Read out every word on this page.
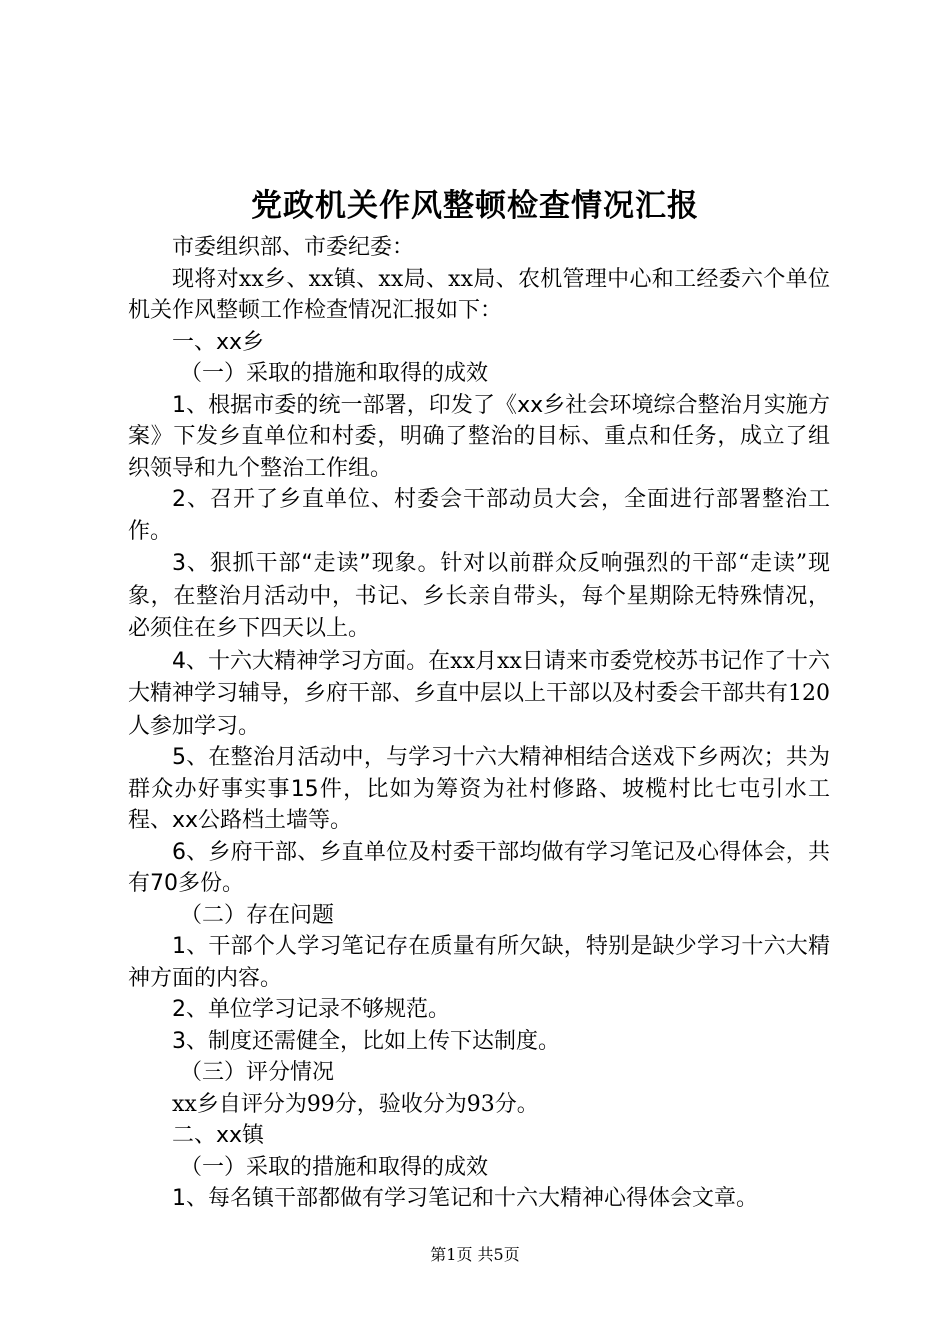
党政机关作风整顿检查情况汇报

市委组织部、市委纪委：

现将对xx乡、xx镇、xx局、xx局、农机管理中心和工经委六个单位机关作风整顿工作检查情况汇报如下：

一、xx乡

（一）采取的措施和取得的成效

1、根据市委的统一部署，印发了《xx乡社会环境综合整治月实施方案》下发乡直单位和村委，明确了整治的目标、重点和任务，成立了组织领导和九个整治工作组。

2、召开了乡直单位、村委会干部动员大会，全面进行部署整治工作。

3、狠抓干部“走读”现象。针对以前群众反响强烈的干部“走读”现象，在整治月活动中，书记、乡长亲自带头，每个星期除无特殊情况，必须住在乡下四天以上。

4、十六大精神学习方面。在xx月xx日请来市委党校苏书记作了十六大精神学习辅导，乡府干部、乡直中层以上干部以及村委会干部共有120人参加学习。

5、在整治月活动中，与学习十六大精神相结合送戏下乡两次；共为群众办好事实事15件，比如为筹资为社村修路、坡榄村比七屯引水工程、xx公路档土墙等。

6、乡府干部、乡直单位及村委干部均做有学习笔记及心得体会，共有70多份。

（二）存在问题

1、干部个人学习笔记存在质量有所欠缺，特别是缺少学习十六大精神方面的内容。

2、单位学习记录不够规范。

3、制度还需健全，比如上传下达制度。

（三）评分情况

xx乡自评分为99分，验收分为93分。

二、xx镇

（一）采取的措施和取得的成效

1、每名镇干部都做有学习笔记和十六大精神心得体会文章。

第1页 共5页
